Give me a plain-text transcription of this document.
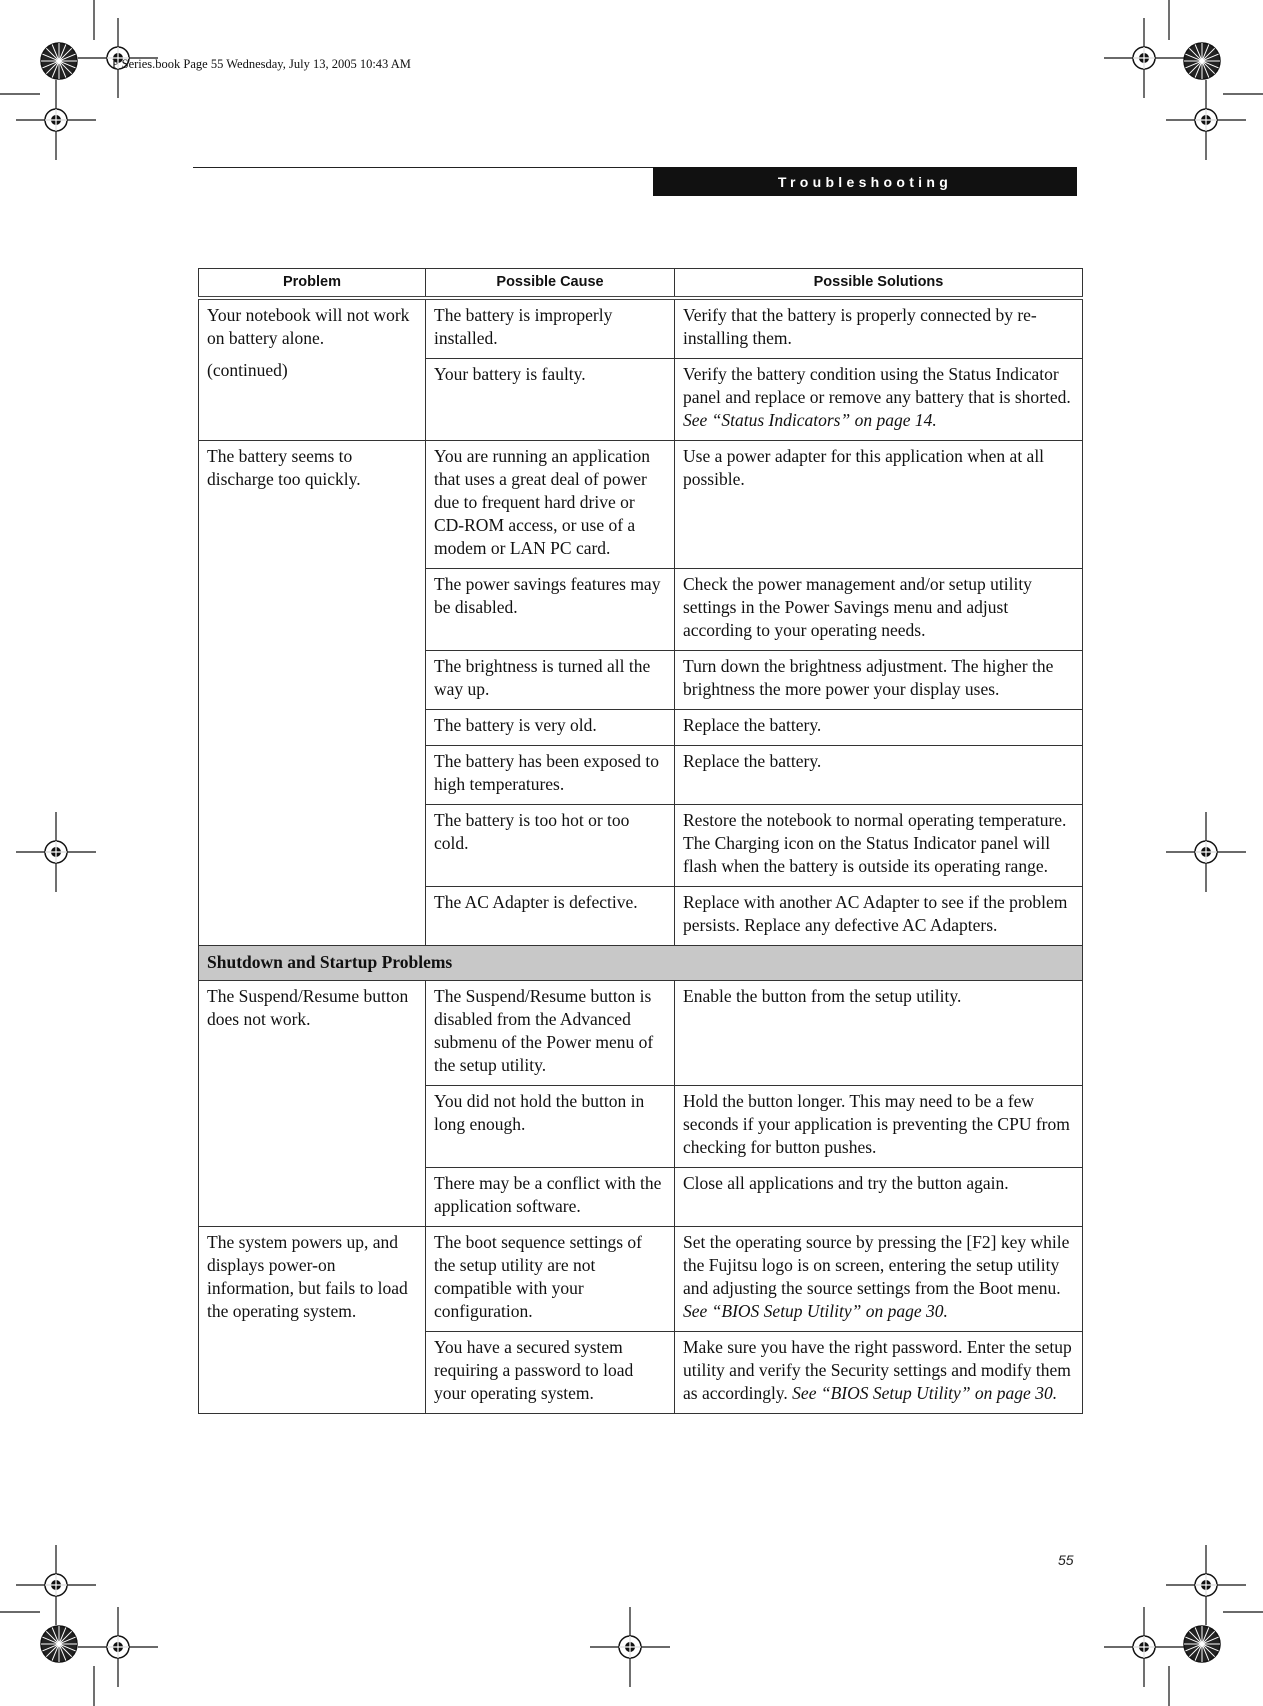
P Series.book Page 55 Wednesday, July 13, 2005 10:43 AM
Troubleshooting
Problem	Possible Cause	Possible Solutions

Your notebook will not work on battery alone.
(continued)	The battery is improperly installed.	Verify that the battery is properly connected by re-installing them.
	Your battery is faulty.	Verify the battery condition using the Status Indicator panel and replace or remove any battery that is shorted. See “Status Indicators” on page 14.
The battery seems to discharge too quickly.	You are running an application that uses a great deal of power due to frequent hard drive or CD-ROM access, or use of a modem or LAN PC card.	Use a power adapter for this application when at all possible.
	The power savings features may be disabled.	Check the power management and/or setup utility settings in the Power Savings menu and adjust according to your operating needs.
	The brightness is turned all the way up.	Turn down the brightness adjustment. The higher the brightness the more power your display uses.
	The battery is very old.	Replace the battery.
	The battery has been exposed to high temperatures.	Replace the battery.
	The battery is too hot or too cold.	Restore the notebook to normal operating temperature. The Charging icon on the Status Indicator panel will flash when the battery is outside its operating range.
	The AC Adapter is defective.	Replace with another AC Adapter to see if the problem persists. Replace any defective AC Adapters.
Shutdown and Startup Problems		
The Suspend/Resume button does not work.	The Suspend/Resume button is disabled from the Advanced submenu of the Power menu of the setup utility.	Enable the button from the setup utility.
	You did not hold the button in long enough.	Hold the button longer. This may need to be a few seconds if your application is preventing the CPU from checking for button pushes.
	There may be a conflict with the application software.	Close all applications and try the button again.
The system powers up, and displays power-on information, but fails to load the operating system.	The boot sequence settings of the setup utility are not compatible with your configuration.	Set the operating source by pressing the [F2] key while the Fujitsu logo is on screen, entering the setup utility and adjusting the source settings from the Boot menu. See “BIOS Setup Utility” on page 30.
	You have a secured system requiring a password to load your operating system.	Make sure you have the right password. Enter the setup utility and verify the Security settings and modify them as accordingly. See “BIOS Setup Utility” on page 30.
55
